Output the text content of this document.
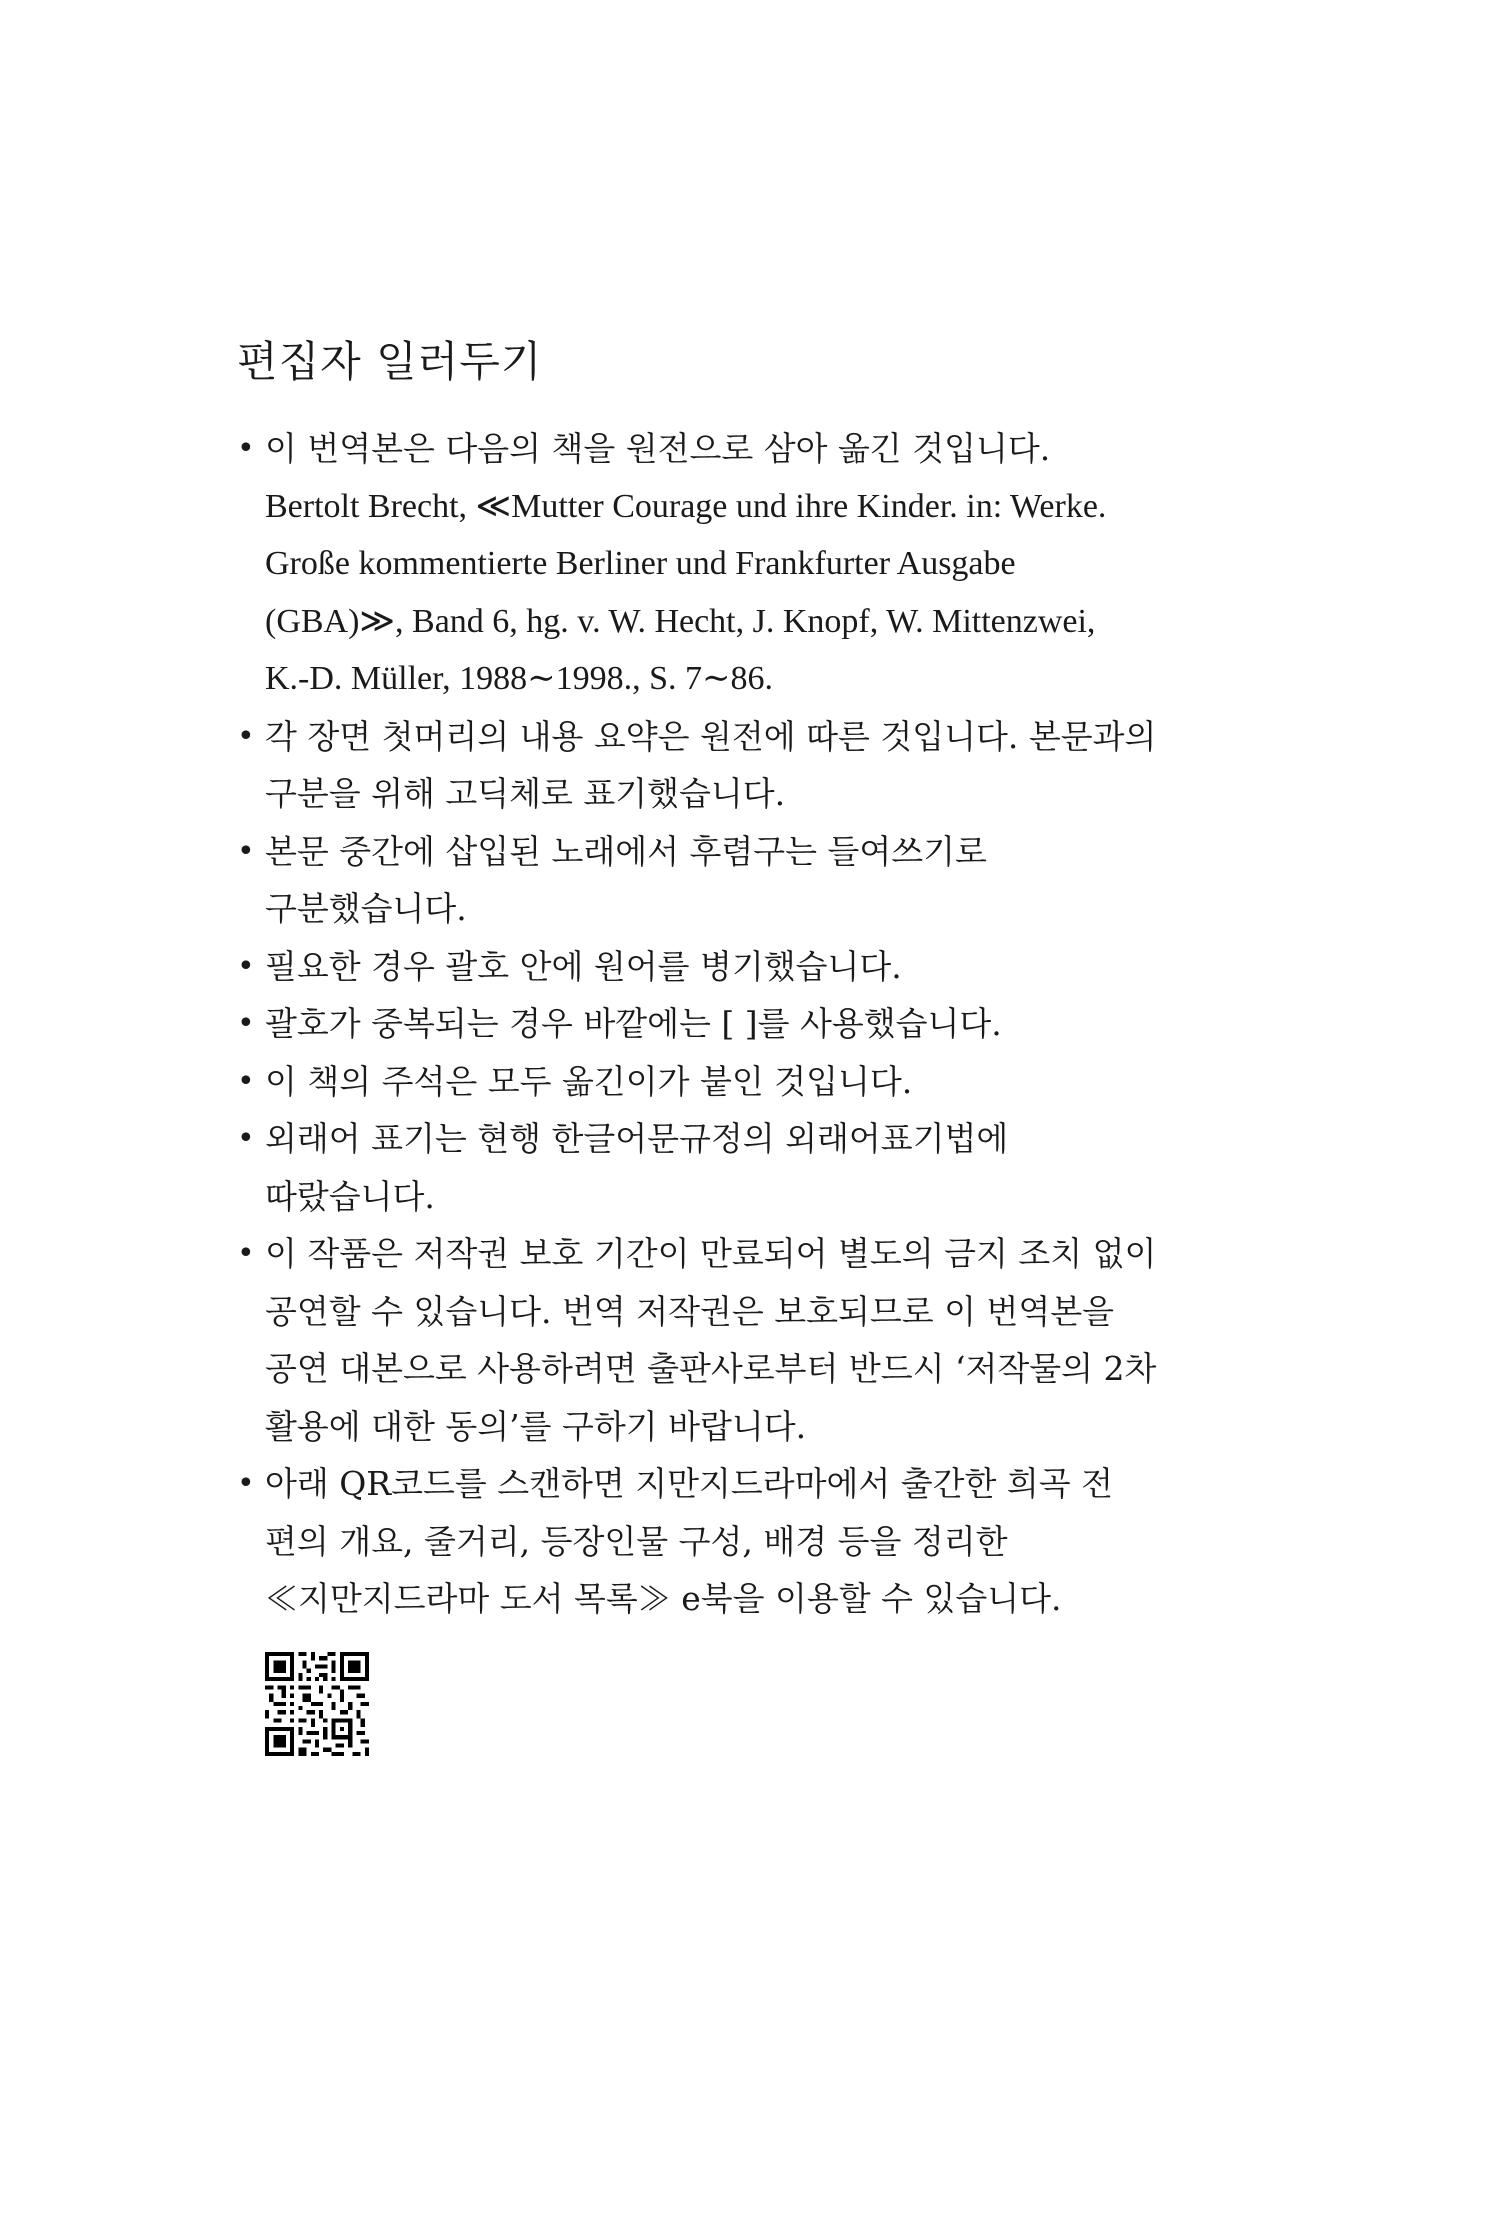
편집자 일러두기
• 이 번역본은 다음의 책을 원전으로 삼아 옮긴 것입니다.
Bertolt Brecht, ≪Mutter Courage und ihre Kinder. in: Werke.
Große kommentierte Berliner und Frankfurter Ausgabe
(GBA)≫, Band 6, hg. v. W. Hecht, J. Knopf, W. Mittenzwei,
K.-D. Müller, 1988∼1998., S. 7∼86.
• 각 장면 첫머리의 내용 요약은 원전에 따른 것입니다. 본문과의
구분을 위해 고딕체로 표기했습니다.
• 본문 중간에 삽입된 노래에서 후렴구는 들여쓰기로
구분했습니다.
• 필요한 경우 괄호 안에 원어를 병기했습니다.
• 괄호가 중복되는 경우 바깥에는 [ ]를 사용했습니다.
• 이 책의 주석은 모두 옮긴이가 붙인 것입니다.
• 외래어 표기는 현행 한글어문규정의 외래어표기법에
따랐습니다.
• 이 작품은 저작권 보호 기간이 만료되어 별도의 금지 조치 없이
공연할 수 있습니다. 번역 저작권은 보호되므로 이 번역본을
공연 대본으로 사용하려면 출판사로부터 반드시 ‘저작물의 2차
활용에 대한 동의’를 구하기 바랍니다.
• 아래 QR코드를 스캔하면 지만지드라마에서 출간한 희곡 전
편의 개요, 줄거리, 등장인물 구성, 배경 등을 정리한
≪지만지드라마 도서 목록≫ e북을 이용할 수 있습니다.
